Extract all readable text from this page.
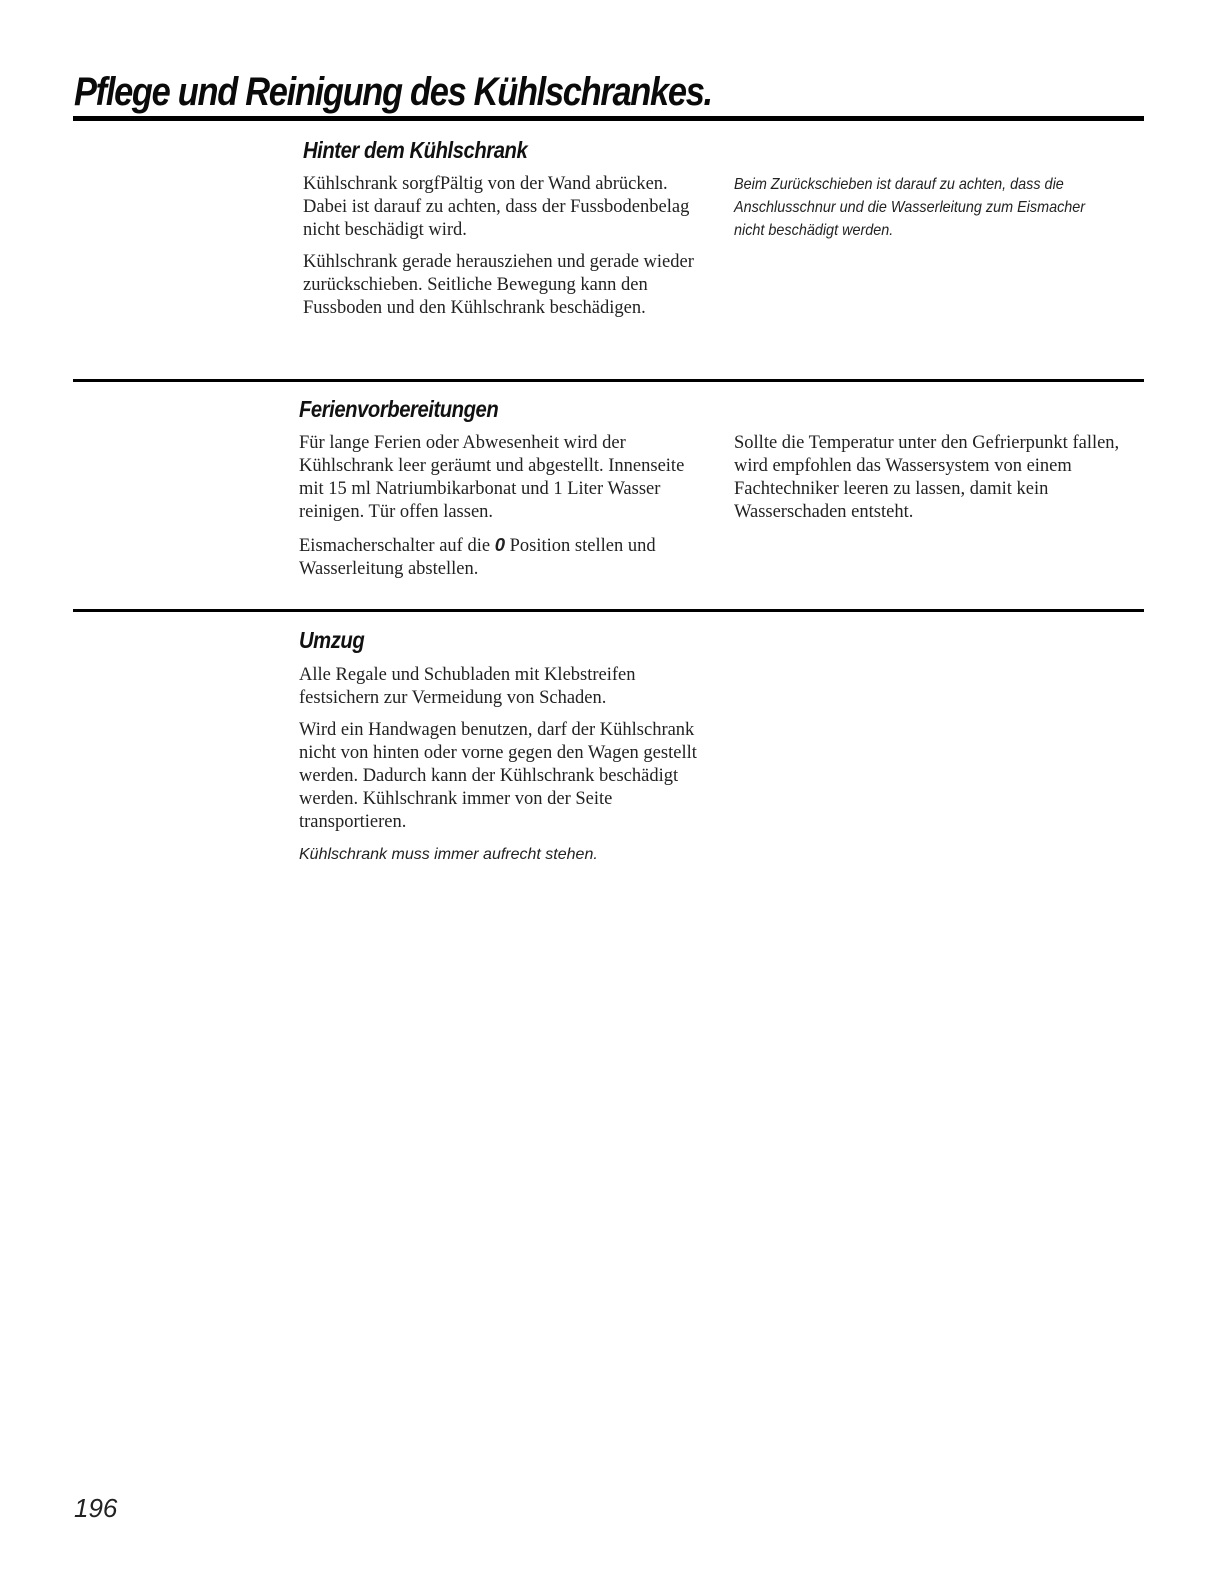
Pflege und Reinigung des Kühlschrankes.
Hinter dem Kühlschrank

Kühlschrank sorgfPältig von der Wand abrücken. Dabei ist darauf zu achten, dass der Fussbodenbelag nicht beschädigt wird.

Kühlschrank gerade herausziehen und gerade wieder zurückschieben. Seitliche Bewegung kann den Fussboden und den Kühlschrank beschädigen.

Beim Zurückschieben ist darauf zu achten, dass die Anschlusschnur und die Wasserleitung zum Eismacher nicht beschädigt werden.
Ferienvorbereitungen

Für lange Ferien oder Abwesenheit wird der Kühlschrank leer geräumt und abgestellt. Innenseite mit 15 ml Natriumbikarbonat und 1 Liter Wasser reinigen. Tür offen lassen.

Eismacherschalter auf die 0 Position stellen und Wasserleitung abstellen.

Sollte die Temperatur unter den Gefrierpunkt fallen, wird empfohlen das Wassersystem von einem Fachtechniker leeren zu lassen, damit kein Wasserschaden entsteht.

Umzug

Alle Regale und Schubladen mit Klebstreifen festsichern zur Vermeidung von Schaden.

Wird ein Handwagen benutzen, darf der Kühlschrank nicht von hinten oder vorne gegen den Wagen gestellt werden. Dadurch kann der Kühlschrank beschädigt werden. Kühlschrank immer von der Seite transportieren.

Kühlschrank muss immer aufrecht stehen.

196
